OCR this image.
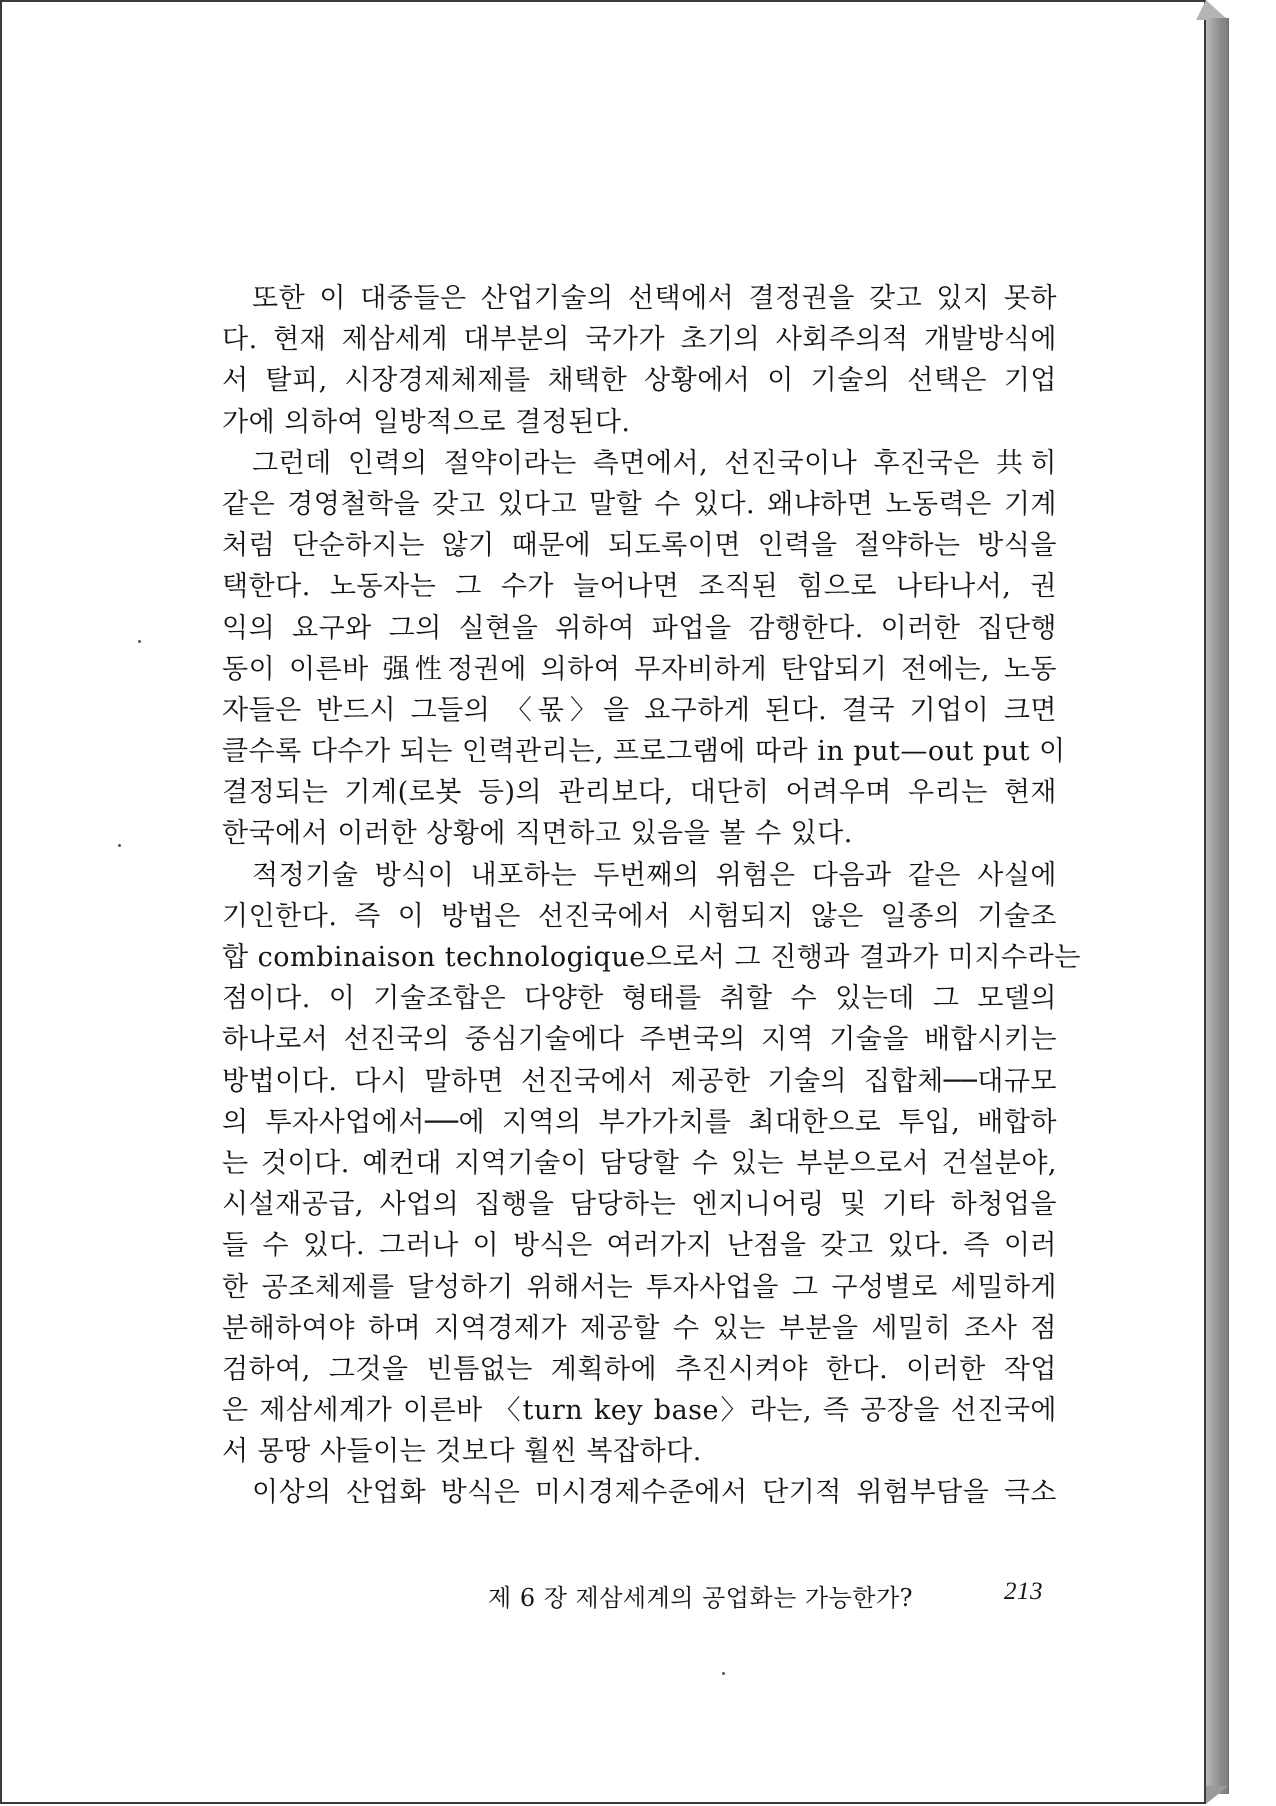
또한 이 대중들은 산업기술의 선택에서 결정권을 갖고 있지 못하
다. 현재 제삼세계 대부분의 국가가 초기의 사회주의적 개발방식에
서 탈피, 시장경제체제를 채택한 상황에서 이 기술의 선택은 기업
가에 의하여 일방적으로 결정된다.
그런데 인력의 절약이라는 측면에서, 선진국이나 후진국은 共히
같은 경영철학을 갖고 있다고 말할 수 있다. 왜냐하면 노동력은 기계
처럼 단순하지는 않기 때문에 되도록이면 인력을 절약하는 방식을
택한다. 노동자는 그 수가 늘어나면 조직된 힘으로 나타나서, 권
익의 요구와 그의 실현을 위하여 파업을 감행한다. 이러한 집단행
동이 이른바 强性정권에 의하여 무자비하게 탄압되기 전에는, 노동
자들은 반드시 그들의 〈몫〉을 요구하게 된다. 결국 기업이 크면
클수록 다수가 되는 인력관리는, 프로그램에 따라 in put—out put 이
결정되는 기계(로봇 등)의 관리보다, 대단히 어려우며 우리는 현재
한국에서 이러한 상황에 직면하고 있음을 볼 수 있다.
적정기술 방식이 내포하는 두번째의 위험은 다음과 같은 사실에
기인한다. 즉 이 방법은 선진국에서 시험되지 않은 일종의 기술조
합 combinaison technologique으로서 그 진행과 결과가 미지수라는
점이다. 이 기술조합은 다양한 형태를 취할 수 있는데 그 모델의
하나로서 선진국의 중심기술에다 주변국의 지역 기술을 배합시키는
방법이다. 다시 말하면 선진국에서 제공한 기술의 집합체──대규모
의 투자사업에서──에 지역의 부가가치를 최대한으로 투입, 배합하
는 것이다. 예컨대 지역기술이 담당할 수 있는 부분으로서 건설분야,
시설재공급, 사업의 집행을 담당하는 엔지니어링 및 기타 하청업을
들 수 있다. 그러나 이 방식은 여러가지 난점을 갖고 있다. 즉 이러
한 공조체제를 달성하기 위해서는 투자사업을 그 구성별로 세밀하게
분해하여야 하며 지역경제가 제공할 수 있는 부분을 세밀히 조사 점
검하여, 그것을 빈틈없는 계획하에 추진시켜야 한다. 이러한 작업
은 제삼세계가 이른바 〈turn key base〉라는, 즉 공장을 선진국에
서 몽땅 사들이는 것보다 훨씬 복잡하다.
이상의 산업화 방식은 미시경제수준에서 단기적 위험부담을 극소
제 6 장 제삼세계의 공업화는 가능한가?	213
